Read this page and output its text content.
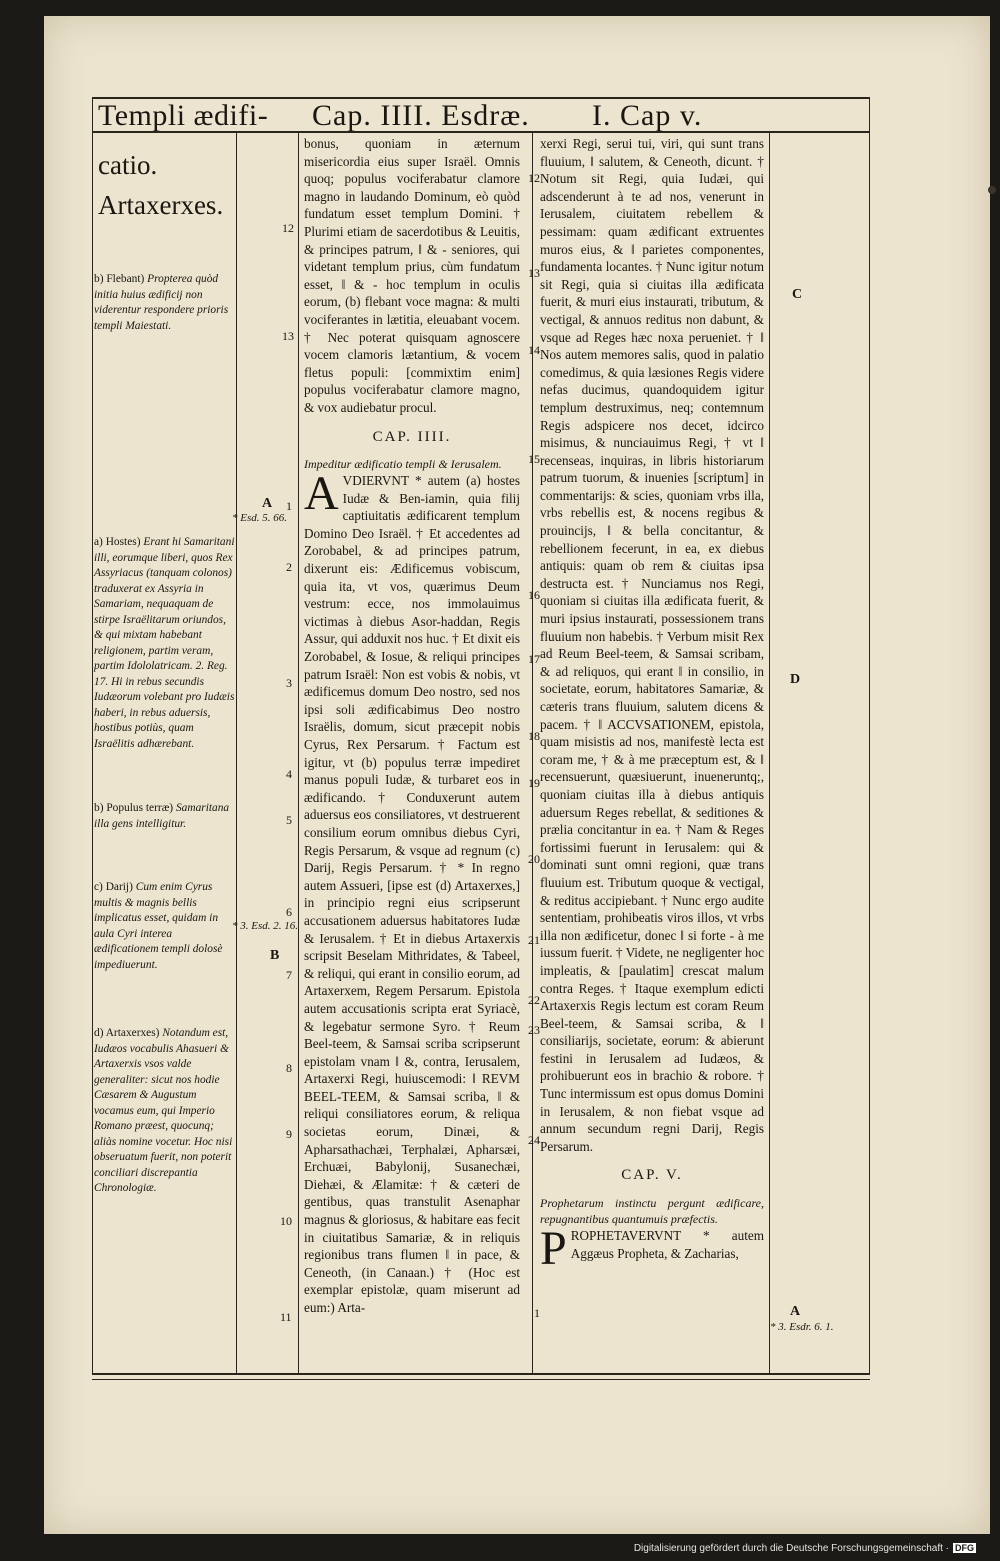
Templi ædifi- Cap. IIII. Esdræ. I. Cap v.
catio. Artaxerxes.
b) Flebant) Propterea quòd initia huius ædificij non viderentur respondere prioris templi Maiestati.
a) Hostes) Erant hi Samaritani illi, eorumque liberi, quos Rex Assyriacus (tanquam colonos) traduxerat ex Assyria in Samariam, nequaquam de stirpe Israëlitarum oriundos, & qui mixtam habebant religionem, partim veram, partim Idololatricam. 2. Reg. 17. Hi in rebus secundis Iudæorum volebant pro Iudæis haberi, in rebus aduersis, hostibus potiùs, quam Israëlitis adhærebant.
b) Populus terræ) Samaritana illa gens intelligitur.
c) Darij) Cum enim Cyrus multis & magnis bellis implicatus esset, quidam in aula Cyri interea ædificationem templi dolosè impediuerunt.
d) Artaxerxes) Notandum est, Iudæos vocabulis Ahasueri & Artaxerxis vsos valde generaliter: sicut nos hodie Cæsarem & Augustum vocamus eum, qui Imperio Romano præest, quocunq; aliàs nomine vocetur. Hoc nisi obseruatum fuerit, non poterit conciliari discrepantia Chronologiæ.
A
* Esd. 5. 66.
* 3. Esd. 2. 16.
B
C
D
A
* 3. Esdr. 6. 1.
12
13
1
2
3
4
5
6
7
8
9
10
11
12
13
14
15
16
17
18
19
20
21
22
23
24
1

bonus, quoniam in æternum misericordia eius super Israël. Omnis quoq; populus vociferabatur clamore magno in laudando Dominum, eò quòd fundatum esset templum Domini. † Plurimi etiam de sacerdotibus & Leuitis, & principes patrum, ‖ & - seniores, qui videtant templum prius, cùm fundatum esset, ‖ & - hoc templum in oculis eorum, (b) flebant voce magna: & multi vociferantes in lætitia, eleuabant vocem. † Nec poterat quisquam agnoscere vocem clamoris lætantium, & vocem fletus populi: [commixtim enim] populus vociferabatur clamore magno, & vox audiebatur procul.

CAP. IIII.

Impeditur ædificatio templi & Ierusalem.

A VDIERVNT * autem (a) hostes Iudæ & Ben-iamin, quia filij captiuitatis ædificarent templum Domino Deo Israël. † Et accedentes ad Zorobabel, & ad principes patrum, dixerunt eis: Ædificemus vobiscum, quia ita, vt vos, quærimus Deum vestrum: ecce, nos immolauimus victimas à diebus Asor-haddan, Regis Assur, qui adduxit nos huc. † Et dixit eis Zorobabel, & Iosue, & reliqui principes patrum Israël: Non est vobis & nobis, vt ædificemus domum Deo nostro, sed nos ipsi soli ædificabimus Deo nostro Israëlis, domum, sicut præcepit nobis Cyrus, Rex Persarum. † Factum est igitur, vt (b) populus terræ impediret manus populi Iudæ, & turbaret eos in ædificando. † Conduxerunt autem aduersus eos consiliatores, vt destruerent consilium eorum omnibus diebus Cyri, Regis Persarum, & vsque ad regnum (c) Darij, Regis Persarum. † * In regno autem Assueri, [ipse est (d) Artaxerxes,] in principio regni eius scripserunt accusationem aduersus habitatores Iudæ & Ierusalem. † Et in diebus Artaxerxis scripsit Beselam Mithridates, & Tabeel, & reliqui, qui erant in consilio eorum, ad Artaxerxem, Regem Persarum. Epistola autem accusationis scripta erat Syriacè, & legebatur sermone Syro. † Reum Beel-teem, & Samsai scriba scripserunt epistolam vnam ‖ &, contra, Ierusalem, Artaxerxi Regi, huiuscemodi: ‖ REVM BEEL-TEEM, & Samsai scriba, ‖ & reliqui consiliatores eorum, & reliqua societas eorum, Dinæi, & Apharsathachæi, Terphalæi, Apharsæi, Erchuæi, Babylonij, Susanechæi, Diehæi, & Ælamitæ: † & cæteri de gentibus, quas transtulit Asenaphar magnus & gloriosus, & habitare eas fecit in ciuitatibus Samariæ, & in reliquis regionibus trans flumen ‖ in pace, & Ceneoth, (in Canaan.) † (Hoc est exemplar epistolæ, quam miserunt ad eum:) Arta-

xerxi Regi, serui tui, viri, qui sunt trans fluuium, ‖ salutem, & Ceneoth, dicunt. † Notum sit Regi, quia Iudæi, qui adscenderunt à te ad nos, venerunt in Ierusalem, ciuitatem rebellem & pessimam: quam ædificant extruentes muros eius, & ‖ parietes componentes, fundamenta locantes. † Nunc igitur notum sit Regi, quia si ciuitas illa ædificata fuerit, & muri eius instaurati, tributum, & vectigal, & annuos reditus non dabunt, & vsque ad Reges hæc noxa perueniet. † ‖ Nos autem memores salis, quod in palatio comedimus, & quia læsiones Regis videre nefas ducimus, quandoquidem igitur templum destruximus, neq; contemnum Regis adspicere nos decet, idcirco misimus, & nunciauimus Regi, † vt ‖ recenseas, inquiras, in libris historiarum patrum tuorum, & inuenies [scriptum] in commentarijs: & scies, quoniam vrbs illa, vrbs rebellis est, & nocens regibus & prouincijs, ‖ & bella concitantur, & rebellionem fecerunt, in ea, ex diebus antiquis: quam ob rem & ciuitas ipsa destructa est. † Nunciamus nos Regi, quoniam si ciuitas illa ædificata fuerit, & muri ipsius instaurati, possessionem trans fluuium non habebis. † Verbum misit Rex ad Reum Beel-teem, & Samsai scribam, & ad reliquos, qui erant ‖ in consilio, in societate, eorum, habitatores Samariæ, & cæteris trans fluuium, salutem dicens & pacem. † ‖ ACCVSATIONEM, epistola, quam misistis ad nos, manifestè lecta est coram me, † & à me præceptum est, & ‖ recensuerunt, quæsiuerunt, inueneruntq;, quoniam ciuitas illa à diebus antiquis aduersum Reges rebellat, & seditiones & prælia concitantur in ea. † Nam & Reges fortissimi fuerunt in Ierusalem: qui & dominati sunt omni regioni, quæ trans fluuium est. Tributum quoque & vectigal, & reditus accipiebant. † Nunc ergo audite sententiam, prohibeatis viros illos, vt vrbs illa non ædificetur, donec ‖ si forte - à me iussum fuerit. † Videte, ne negligenter hoc impleatis, & [paulatim] crescat malum contra Reges. † Itaque exemplum edicti Artaxerxis Regis lectum est coram Reum Beel-teem, & Samsai scriba, & ‖ consiliarijs, societate, eorum: & abierunt festini in Ierusalem ad Iudæos, & prohibuerunt eos in brachio & robore. † Tunc intermissum est opus domus Domini in Ierusalem, & non fiebat vsque ad annum secundum regni Darij, Regis Persarum.

CAP. V.

Prophetarum instinctu pergunt ædificare, repugnantibus quantumuis præfectis.

P ROPHETAVERVNT * autem Aggæus Propheta, & Zacharias,

Digitalisierung gefördert durch die Deutsche Forschungsgemeinschaft · DFG
